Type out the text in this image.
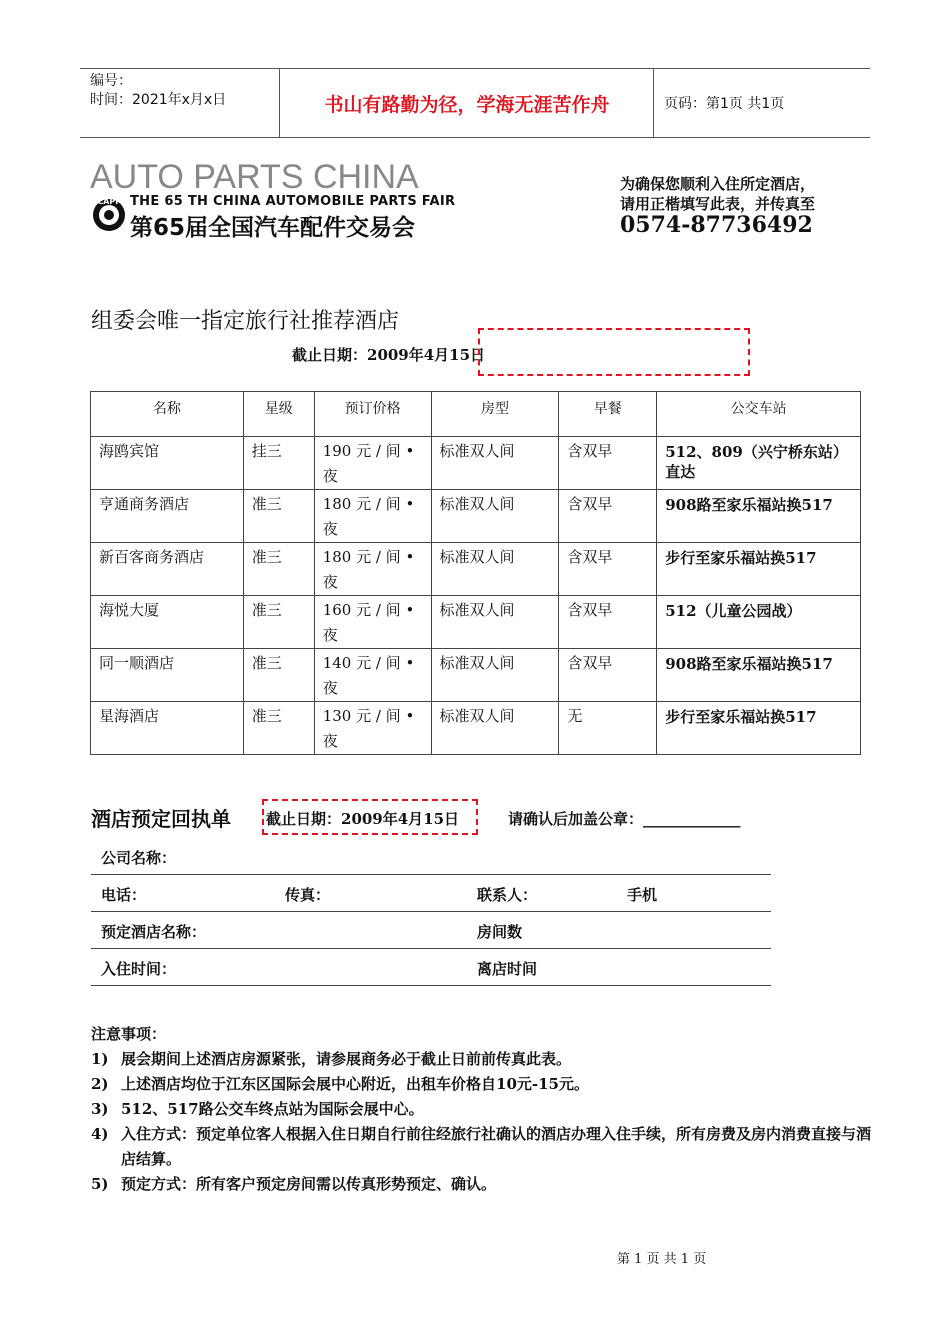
编号：
时间：2021年x月x日	书山有路勤为径，学海无涯苦作舟	页码：第1页 共1页
AUTO PARTS CHINA
CAPF THE 65 TH CHINA AUTOMOBILE PARTS FAIR
第65届全国汽车配件交易会
为确保您顺利入住所定酒店，
请用正楷填写此表，并传真至
0574-87736492
组委会唯一指定旅行社推荐酒店
截止日期：2009年4月15日
名称	星级	预订价格	房型	早餐	公交车站
海鸥宾馆	挂三	190 元 / 间 • 夜	标准双人间	含双早	512、809（兴宁桥东站）直达
亨通商务酒店	准三	180 元 / 间 • 夜	标准双人间	含双早	908路至家乐福站换517
新百客商务酒店	准三	180 元 / 间 • 夜	标准双人间	含双早	步行至家乐福站换517
海悦大厦	准三	160 元 / 间 • 夜	标准双人间	含双早	512（儿童公园战）
同一顺酒店	准三	140 元 / 间 • 夜	标准双人间	含双早	908路至家乐福站换517
星海酒店	准三	130 元 / 间 • 夜	标准双人间	无	步行至家乐福站换517
酒店预定回执单 截止日期：2009年4月15日	请确认后加盖公章：_____________
公司名称：
电话：	传真：	联系人：	手机
预定酒店名称：	房间数
入住时间：	离店时间
注意事项：
1) 展会期间上述酒店房源紧张，请参展商务必于截止日前前传真此表。
2) 上述酒店均位于江东区国际会展中心附近，出租车价格自10元-15元。
3) 512、517路公交车终点站为国际会展中心。
4) 入住方式：预定单位客人根据入住日期自行前往经旅行社确认的酒店办理入住手续，所有房费及房内消费直接与酒店结算。
5) 预定方式：所有客户预定房间需以传真形势预定、确认。
第 1 页 共 1 页
